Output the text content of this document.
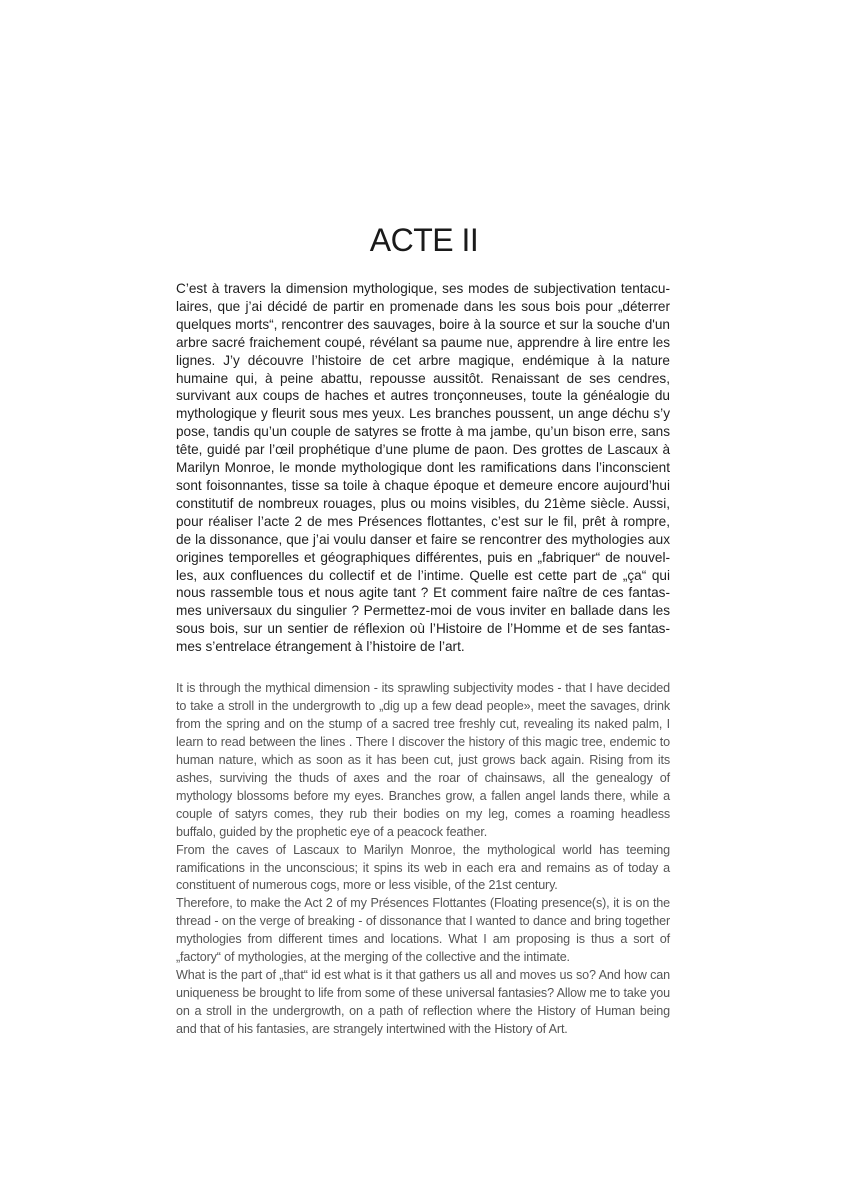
ACTE II

C’est à travers la dimension mythologique, ses modes de subjectivation tentaculaires, que j’ai décidé de partir en promenade dans les sous bois pour „déterrer quelques morts“, rencontrer des sauvages, boire à la source et sur la souche d'un arbre sacré fraichement coupé, révélant sa paume nue, apprendre à lire entre les lignes. J’y découvre l’histoire de cet arbre magique, endémique à la nature humaine qui, à peine abattu, repousse aussitôt. Renaissant de ses cendres, survivant aux coups de haches et autres tronçonneuses, toute la généalogie du mythologique y fleurit sous mes yeux. Les branches poussent, un ange déchu s’y pose, tandis qu’un couple de satyres se frotte à ma jambe, qu’un bison erre, sans tête, guidé par l’œil prophétique d’une plume de paon. Des grottes de Lascaux à Marilyn Monroe, le monde mythologique dont les ramifications dans l’inconscient sont foisonnantes, tisse sa toile à chaque époque et demeure encore aujourd’hui constitutif de nombreux rouages, plus ou moins visibles, du 21ème siècle. Aussi, pour réaliser l’acte 2 de mes Présences flottantes, c’est sur le fil, prêt à rompre, de la dissonance, que j’ai voulu danser et faire se rencontrer des mythologies aux origines temporelles et géographiques différentes, puis en „fabriquer“ de nouvelles, aux confluences du collectif et de l’intime. Quelle est cette part de „ça“ qui nous rassemble tous et nous agite tant ? Et comment faire naître de ces fantasmes universaux du singulier ? Permettez-moi de vous inviter en ballade dans les sous bois, sur un sentier de réflexion où l’Histoire de l’Homme et de ses fantasmes s’entrelace étrangement à l’histoire de l’art.

It is through the mythical dimension - its sprawling subjectivity modes - that I have decided to take a stroll in the undergrowth to „dig up a few dead people», meet the savages, drink from the spring and on the stump of a sacred tree freshly cut, revealing its naked palm, I learn to read between the lines . There I discover the history of this magic tree, endemic to human nature, which as soon as it has been cut, just grows back again. Rising from its ashes, surviving the thuds of axes and the roar of chainsaws, all the genealogy of mythology blossoms before my eyes. Branches grow, a fallen angel lands there, while a couple of satyrs comes, they rub their bodies on my leg, comes a roaming headless buffalo, guided by the prophetic eye of a peacock feather.

From the caves of Lascaux to Marilyn Monroe, the mythological world has teeming ramifications in the unconscious; it spins its web in each era and remains as of today a constituent of numerous cogs, more or less visible, of the 21st century.

Therefore, to make the Act 2 of my Présences Flottantes (Floating presence(s), it is on the thread - on the verge of breaking - of dissonance that I wanted to dance and bring together mythologies from different times and locations. What I am proposing is thus a sort of „factory“ of mythologies, at the merging of the collective and the intimate.

What is the part of „that“ id est what is it that gathers us all and moves us so? And how can uniqueness be brought to life from some of these universal fantasies? Allow me to take you on a stroll in the undergrowth, on a path of reflection where the History of Human being and that of his fantasies, are strangely intertwined with the History of Art.
